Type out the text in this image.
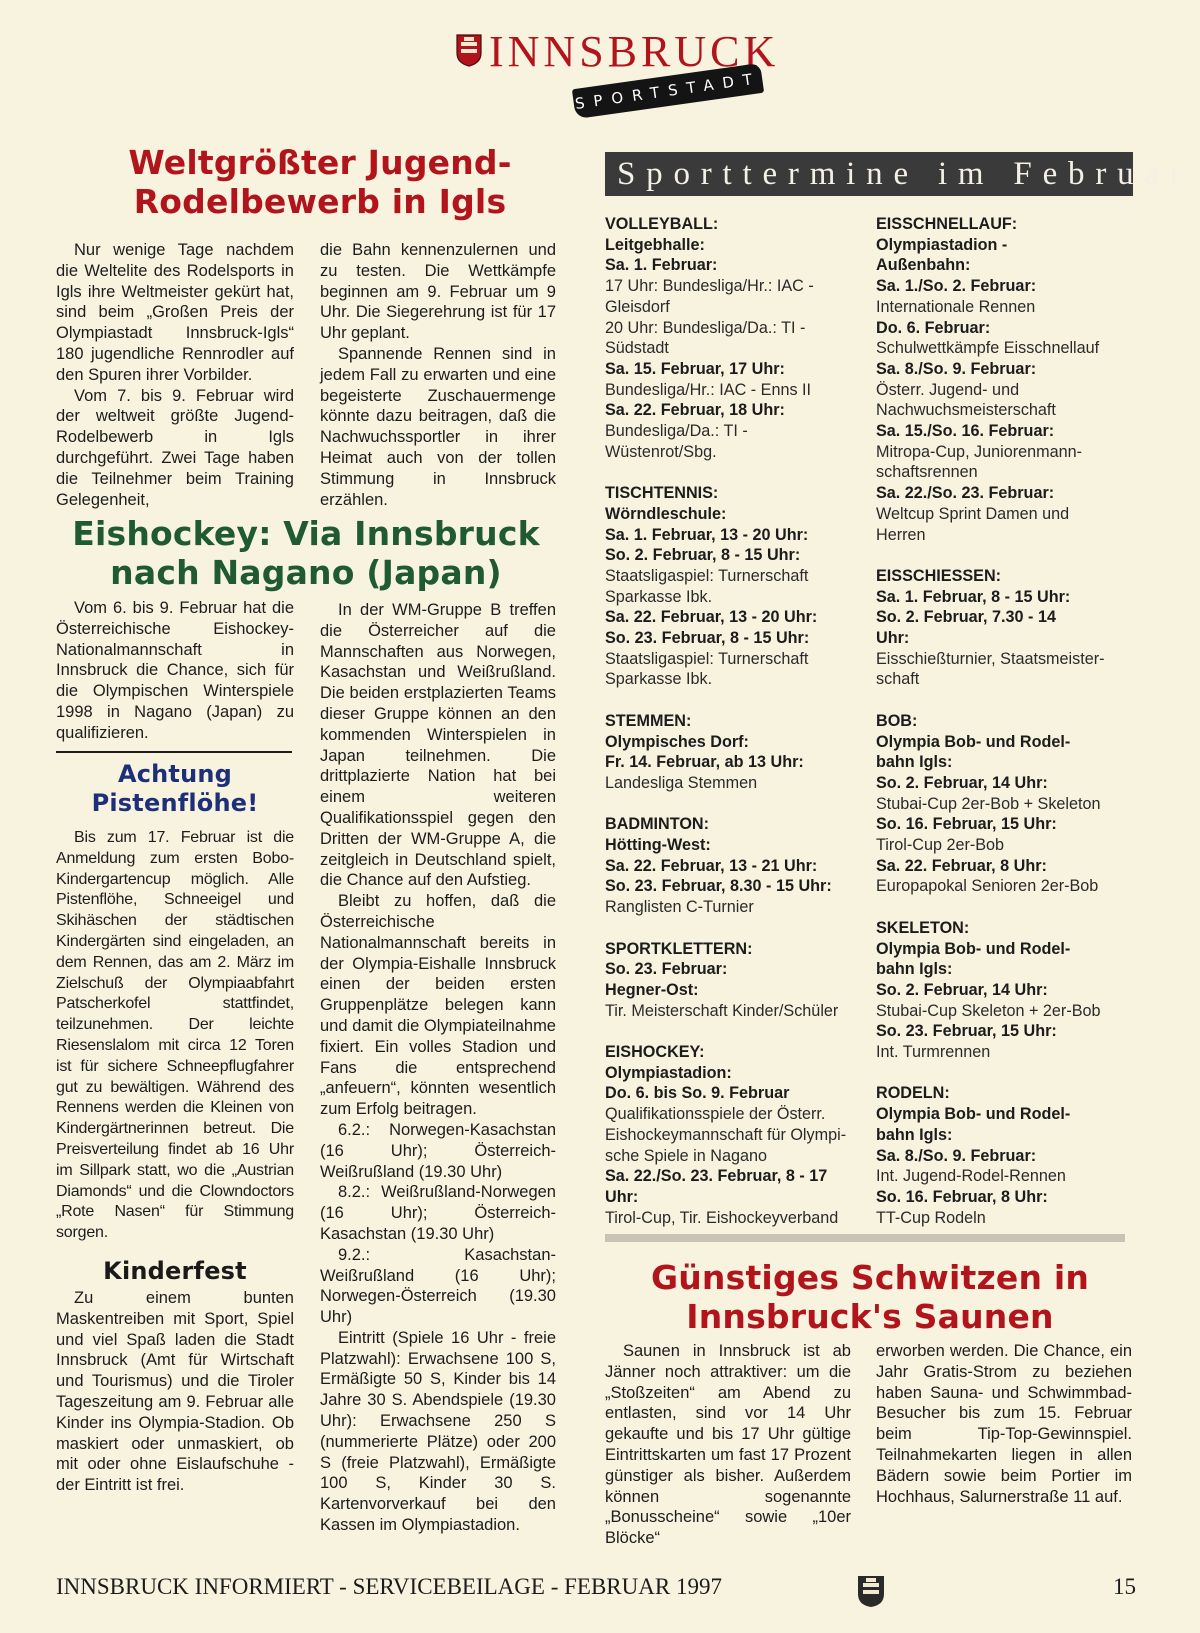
INNSBRUCK
SPORTSTADT
Weltgrößter Jugend-
Rodelbewerb in Igls

Nur wenige Tage nachdem die Weltelite des Rodelsports in Igls ihre Weltmeister gekürt hat, sind beim „Großen Preis der Olympiastadt Innsbruck-Igls“ 180 jugendliche Rennrodler auf den Spuren ihrer Vorbilder.

Vom 7. bis 9. Februar wird der weltweit größte Jugend-Rodelbewerb in Igls durchgeführt. Zwei Tage haben die Teilnehmer beim Training Gelegenheit,

die Bahn kennenzulernen und zu testen. Die Wettkämpfe beginnen am 9. Februar um 9 Uhr. Die Siegerehrung ist für 17 Uhr geplant.

Spannende Rennen sind in jedem Fall zu erwarten und eine begeisterte Zuschauermenge könnte dazu beitragen, daß die Nachwuchssportler in ihrer Heimat auch von der tollen Stimmung in Innsbruck erzählen.

Eishockey: Via Innsbruck
nach Nagano (Japan)

Vom 6. bis 9. Februar hat die Österreichische Eishockey-Nationalmannschaft in Innsbruck die Chance, sich für die Olympischen Winterspiele 1998 in Nagano (Japan) zu qualifizieren.

Achtung
Pistenflöhe!

Bis zum 17. Februar ist die Anmeldung zum ersten Bobo-Kindergartencup möglich. Alle Pistenflöhe, Schneeigel und Skihäschen der städtischen Kindergärten sind eingeladen, an dem Rennen, das am 2. März im Zielschuß der Olympiaabfahrt Patscherkofel stattfindet, teilzunehmen. Der leichte Riesenslalom mit circa 12 Toren ist für sichere Schneepflugfahrer gut zu bewältigen. Während des Rennens werden die Kleinen von Kindergärtnerinnen betreut. Die Preisverteilung findet ab 16 Uhr im Sillpark statt, wo die „Austrian Diamonds“ und die Clowndoctors „Rote Nasen“ für Stimmung sorgen.

Kinderfest

Zu einem bunten Maskentreiben mit Sport, Spiel und viel Spaß laden die Stadt Innsbruck (Amt für Wirtschaft und Tourismus) und die Tiroler Tageszeitung am 9. Februar alle Kinder ins Olympia-Stadion. Ob maskiert oder unmaskiert, ob mit oder ohne Eislaufschuhe - der Eintritt ist frei.

In der WM-Gruppe B treffen die Österreicher auf die Mannschaften aus Norwegen, Kasachstan und Weißrußland. Die beiden erstplazierten Teams dieser Gruppe können an den kommenden Winterspielen in Japan teilnehmen. Die drittplazierte Nation hat bei einem weiteren Qualifikationsspiel gegen den Dritten der WM-Gruppe A, die zeitgleich in Deutschland spielt, die Chance auf den Aufstieg.

Bleibt zu hoffen, daß die Österreichische Nationalmannschaft bereits in der Olympia-Eishalle Innsbruck einen der beiden ersten Gruppenplätze belegen kann und damit die Olympiateilnahme fixiert. Ein volles Stadion und Fans die entsprechend „anfeuern“, könnten wesentlich zum Erfolg beitragen.

6.2.: Norwegen-Kasachstan (16 Uhr); Österreich-Weißrußland (19.30 Uhr)

8.2.: Weißrußland-Norwegen (16 Uhr); Österreich-Kasachstan (19.30 Uhr)

9.2.: Kasachstan-Weißrußland (16 Uhr); Norwegen-Österreich (19.30 Uhr)

Eintritt (Spiele 16 Uhr - freie Platzwahl): Erwachsene 100 S, Ermäßigte 50 S, Kinder bis 14 Jahre 30 S. Abendspiele (19.30 Uhr): Erwachsene 250 S (nummerierte Plätze) oder 200 S (freie Platzwahl), Ermäßigte 100 S, Kinder 30 S. Kartenvorverkauf bei den Kassen im Olympiastadion.

Sporttermine im Februar
VOLLEYBALL:
Leitgebhalle:
Sa. 1. Februar:
17 Uhr: Bundesliga/Hr.: IAC -
Gleisdorf
20 Uhr: Bundesliga/Da.: TI -
Südstadt
Sa. 15. Februar, 17 Uhr:
Bundesliga/Hr.: IAC - Enns II
Sa. 22. Februar, 18 Uhr:
Bundesliga/Da.: TI -
Wüstenrot/Sbg.
TISCHTENNIS:
Wörndleschule:
Sa. 1. Februar, 13 - 20 Uhr:
So. 2. Februar, 8 - 15 Uhr:
Staatsligaspiel: Turnerschaft
Sparkasse Ibk.
Sa. 22. Februar, 13 - 20 Uhr:
So. 23. Februar, 8 - 15 Uhr:
Staatsligaspiel: Turnerschaft
Sparkasse Ibk.
STEMMEN:
Olympisches Dorf:
Fr. 14. Februar, ab 13 Uhr:
Landesliga Stemmen
BADMINTON:
Hötting-West:
Sa. 22. Februar, 13 - 21 Uhr:
So. 23. Februar, 8.30 - 15 Uhr:
Ranglisten C-Turnier
SPORTKLETTERN:
So. 23. Februar:
Hegner-Ost:
Tir. Meisterschaft Kinder/Schüler
EISHOCKEY:
Olympiastadion:
Do. 6. bis So. 9. Februar
Qualifikationsspiele der Österr.
Eishockeymannschaft für Olympi-
sche Spiele in Nagano
Sa. 22./So. 23. Februar, 8 - 17
Uhr:
Tirol-Cup, Tir. Eishockeyverband
EISSCHNELLAUF:
Olympiastadion -
Außenbahn:
Sa. 1./So. 2. Februar:
Internationale Rennen
Do. 6. Februar:
Schulwettkämpfe Eisschnellauf
Sa. 8./So. 9. Februar:
Österr. Jugend- und
Nachwuchsmeisterschaft
Sa. 15./So. 16. Februar:
Mitropa-Cup, Juniorenmann-
schaftsrennen
Sa. 22./So. 23. Februar:
Weltcup Sprint Damen und
Herren
EISSCHIESSEN:
Sa. 1. Februar, 8 - 15 Uhr:
So. 2. Februar, 7.30 - 14
Uhr:
Eisschießturnier, Staatsmeister-
schaft
BOB:
Olympia Bob- und Rodel-
bahn Igls:
So. 2. Februar, 14 Uhr:
Stubai-Cup 2er-Bob + Skeleton
So. 16. Februar, 15 Uhr:
Tirol-Cup 2er-Bob
Sa. 22. Februar, 8 Uhr:
Europapokal Senioren 2er-Bob
SKELETON:
Olympia Bob- und Rodel-
bahn Igls:
So. 2. Februar, 14 Uhr:
Stubai-Cup Skeleton + 2er-Bob
So. 23. Februar, 15 Uhr:
Int. Turmrennen
RODELN:
Olympia Bob- und Rodel-
bahn Igls:
Sa. 8./So. 9. Februar:
Int. Jugend-Rodel-Rennen
So. 16. Februar, 8 Uhr:
TT-Cup Rodeln
Günstiges Schwitzen in
Innsbruck's Saunen

Saunen in Innsbruck ist ab Jänner noch attraktiver: um die „Stoßzeiten“ am Abend zu entlasten, sind vor 14 Uhr gekaufte und bis 17 Uhr gültige Eintrittskarten um fast 17 Prozent günstiger als bisher. Außerdem können sogenannte „Bonusscheine“ sowie „10er Blöcke“

erworben werden. Die Chance, ein Jahr Gratis-Strom zu beziehen haben Sauna- und Schwimmbad-Besucher bis zum 15. Februar beim Tip-Top-Gewinnspiel. Teilnahmekarten liegen in allen Bädern sowie beim Portier im Hochhaus, Salurnerstraße 11 auf.

INNSBRUCK INFORMIERT - SERVICEBEILAGE - FEBRUAR 1997	15
